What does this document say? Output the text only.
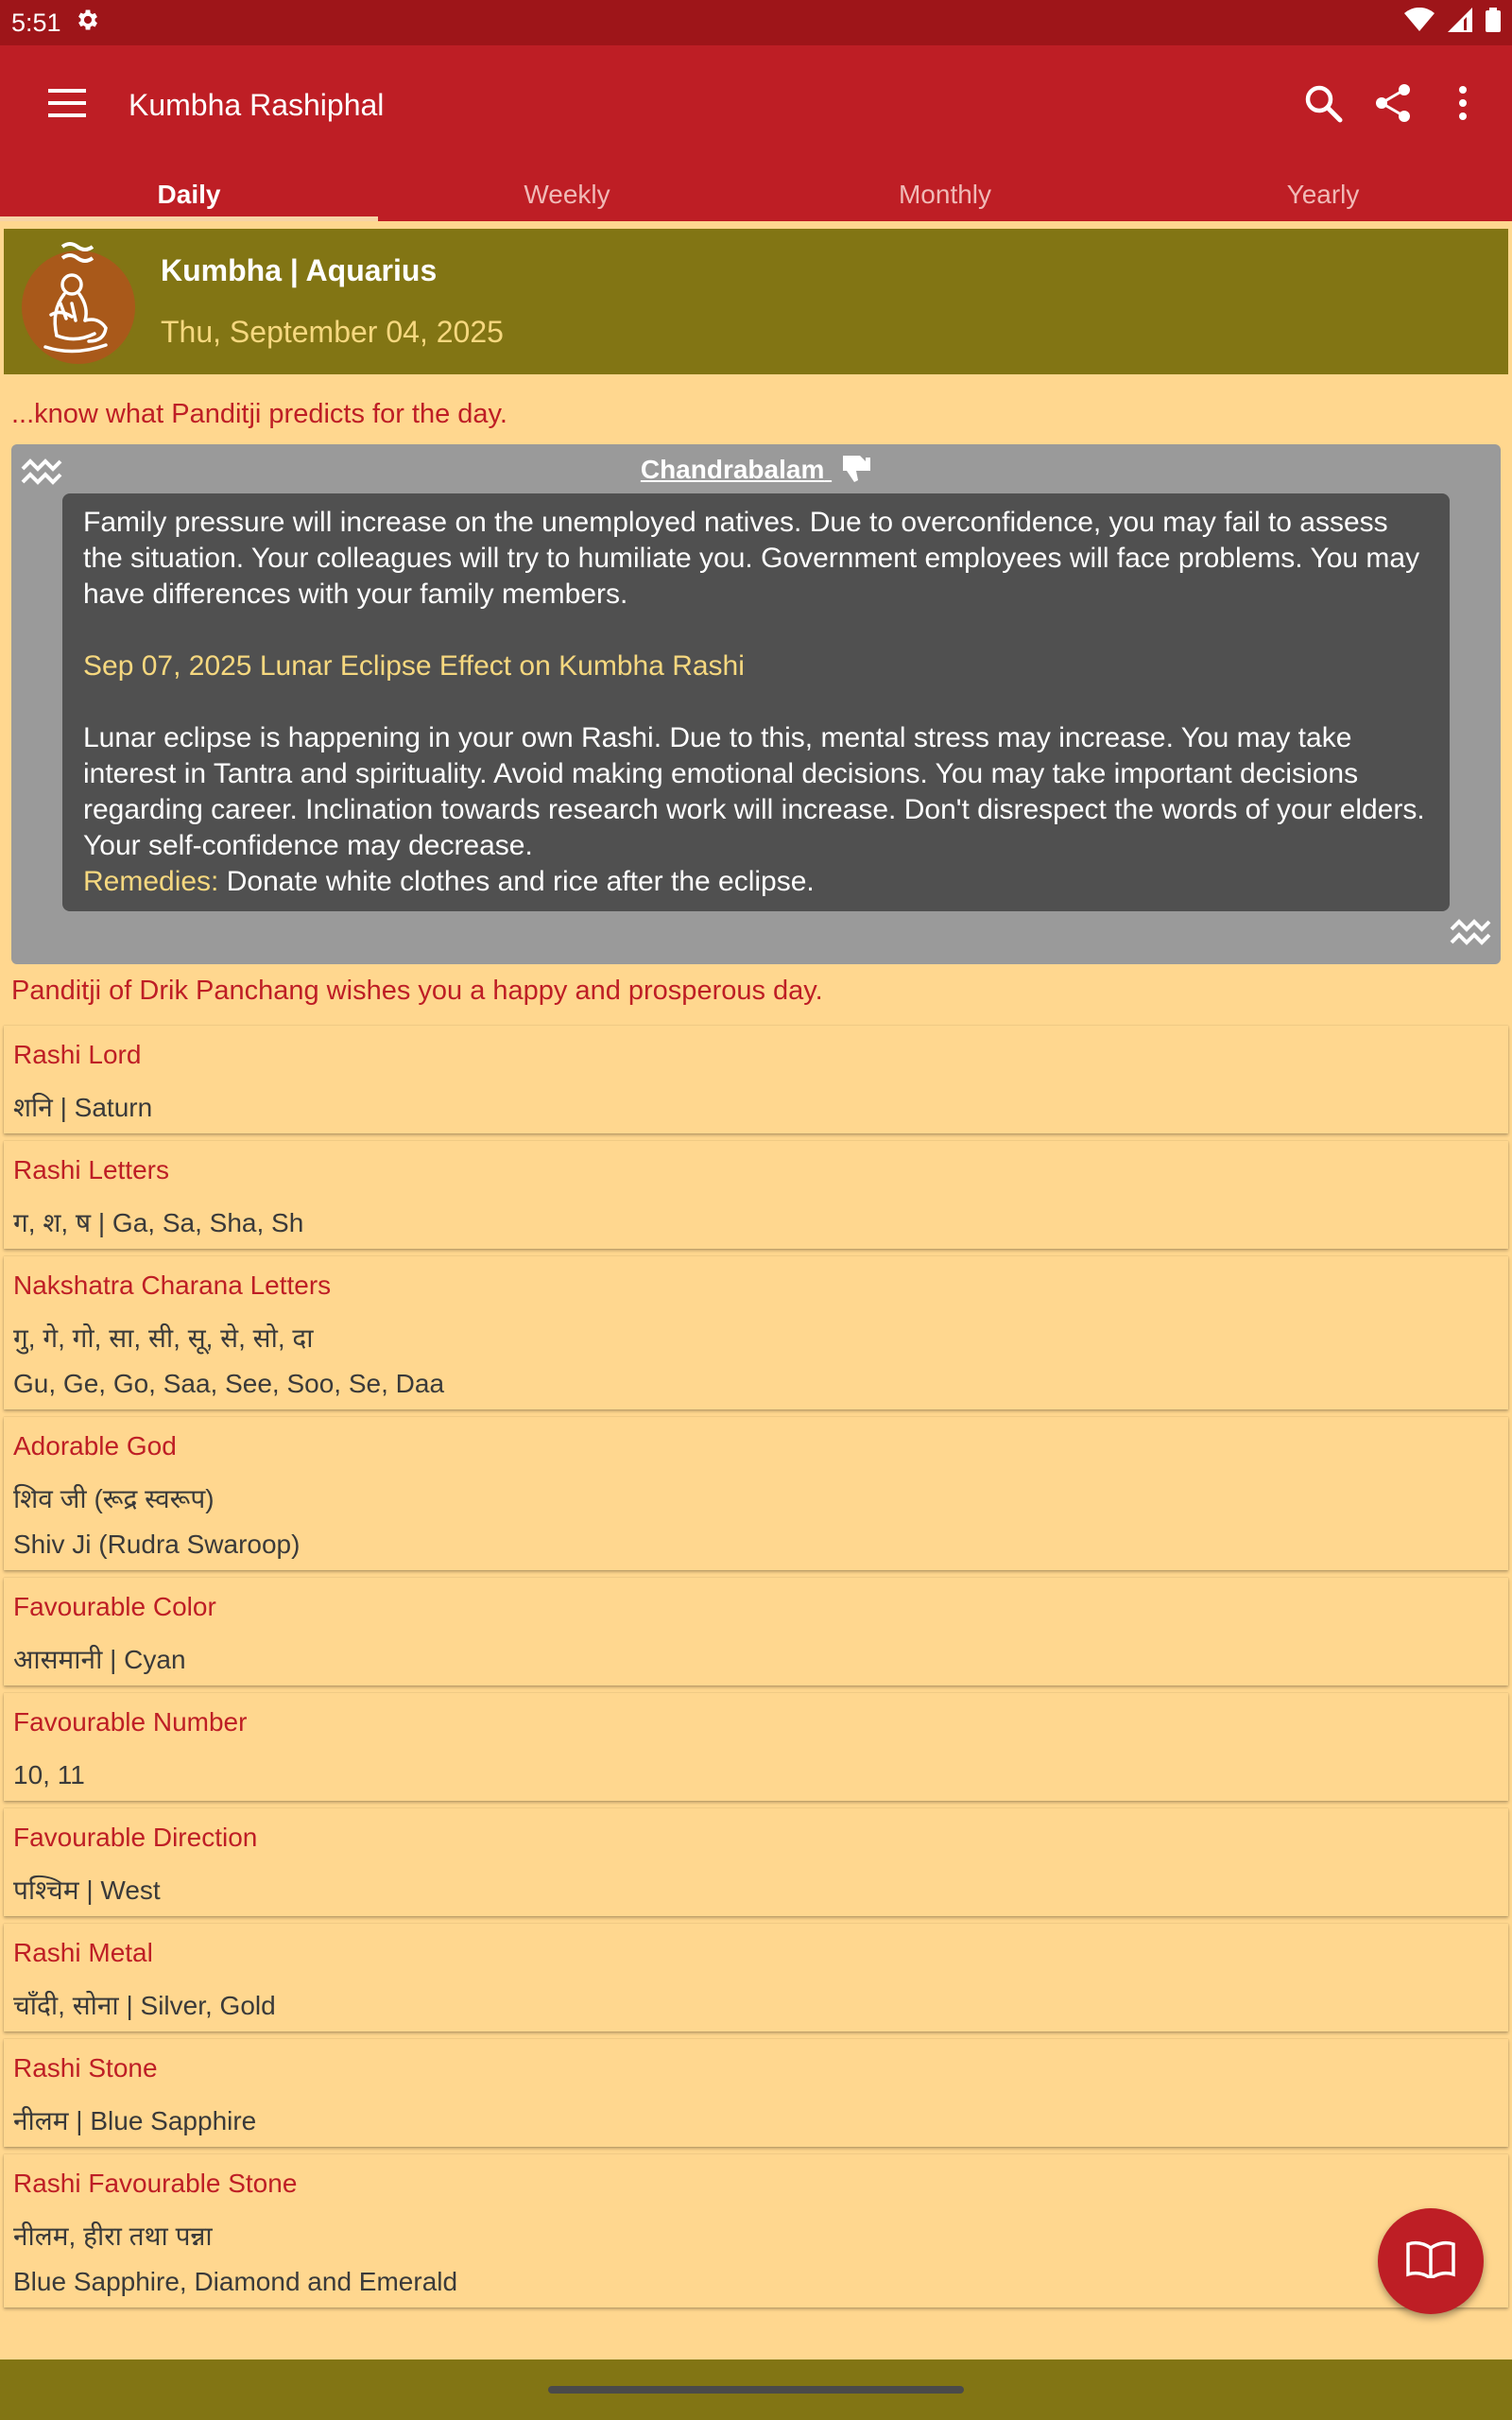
5:51
Kumbha Rashiphal
Daily	Weekly	Monthly	Yearly
Kumbha | Aquarius
Thu, September 04, 2025
...know what Panditji predicts for the day.
Chandrabalam

Family pressure will increase on the unemployed natives. Due to overconfidence, you may fail to assess the situation. Your colleagues will try to humiliate you. Government employees will face problems. You may have differences with your family members.

Sep 07, 2025 Lunar Eclipse Effect on Kumbha Rashi

Lunar eclipse is happening in your own Rashi. Due to this, mental stress may increase. You may take interest in Tantra and spirituality. Avoid making emotional decisions. You may take important decisions regarding career. Inclination towards research work will increase. Don't disrespect the words of your elders. Your self-confidence may decrease.

Remedies: Donate white clothes and rice after the eclipse.

Panditji of Drik Panchang wishes you a happy and prosperous day.
Rashi Lord
शनि | Saturn
Rashi Letters
ग, श, ष | Ga, Sa, Sha, Sh
Nakshatra Charana Letters
गु, गे, गो, सा, सी, सू, से, सो, दा
Gu, Ge, Go, Saa, See, Soo, Se, Daa
Adorable God
शिव जी (रूद्र स्वरूप)
Shiv Ji (Rudra Swaroop)
Favourable Color
आसमानी | Cyan
Favourable Number
10, 11
Favourable Direction
पश्चिम | West
Rashi Metal
चाँदी, सोना | Silver, Gold
Rashi Stone
नीलम | Blue Sapphire
Rashi Favourable Stone
नीलम, हीरा तथा पन्ना
Blue Sapphire, Diamond and Emerald
